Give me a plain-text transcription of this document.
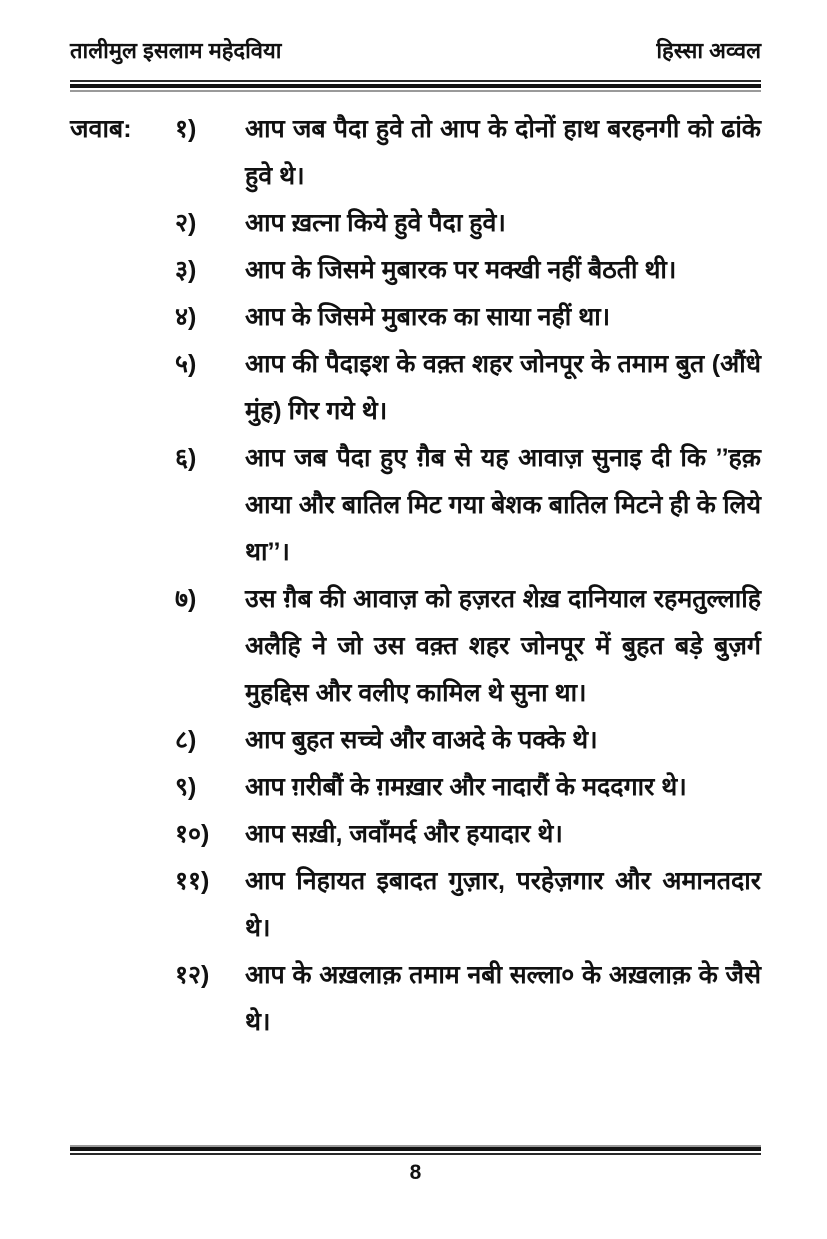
तालीमुल इसलाम महेदविया	हिस्सा अव्वल
जवाब: १)	आप जब पैदा हुवे तो आप के दोनों हाथ बरहनगी को ढांके हुवे थे।
२)	आप ख़त्ना किये हुवे पैदा हुवे।
३)	आप के जिसमे मुबारक पर मक्खी नहीं बैठती थी।
४)	आप के जिसमे मुबारक का साया नहीं था।
५)	आप की पैदाइश के वक़्त शहर जोनपूर के तमाम बुत (औंधे मुंह) गिर गये थे।
६)	आप जब पैदा हुए ग़ैब से यह आवाज़ सुनाइ दी कि ’’हक़ आया और बातिल मिट गया बेशक बातिल मिटने ही के लिये था’’।
७)	उस ग़ैब की आवाज़ को हज़रत शेख़ दानियाल रहमतुल्लाहि अलैहि ने जो उस वक़्त शहर जोनपूर में बुहत बड़े बुज़र्ग मुहद्दिस और वलीए कामिल थे सुना था।
८)	आप बुहत सच्चे और वाअदे के पक्के थे।
९)	आप ग़रीबौं के ग़मख़ार और नादारौं के मददगार थे।
१०)	आप सख़ी, जवाँमर्द और हयादार थे।
११)	आप निहायत इबादत गुज़ार, परहेज़गार और अमानतदार थे।
१२)	आप के अख़लाक़ तमाम नबी सल्ला० के अख़लाक़ के जैसे थे।
8
